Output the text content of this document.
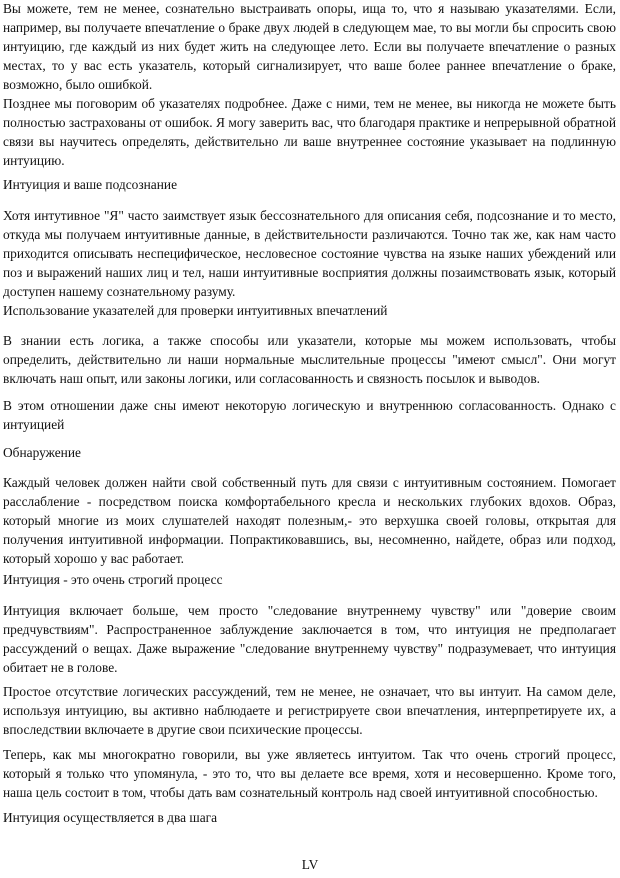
Вы можете, тем не менее, сознательно выстраивать опоры, ища то, что я называю указателями. Если, например, вы получаете впечатление о браке двух людей в следующем мае, то вы могли бы спросить свою интуицию, где каждый из них будет жить на следующее лето. Если вы получаете впечатление о разных местах, то у вас есть указатель, который сигнализирует, что ваше более раннее впечатление о браке, возможно, было ошибкой.

Позднее мы поговорим об указателях подробнее. Даже с ними, тем не менее, вы никогда не можете быть полностью застрахованы от ошибок. Я могу заверить вас, что благодаря практике и непрерывной обратной связи вы научитесь определять, действительно ли ваше внутреннее состояние указывает на подлинную интуицию.

Интуиция и ваше подсознание

Хотя интутивное "Я" часто заимствует язык бессознательного для описания себя, подсознание и то место, откуда мы получаем интуитивные данные, в действительности различаются. Точно так же, как нам часто приходится описывать неспецифическое, несловесное состояние чувства на языке наших убеждений или поз и выражений наших лиц и тел, наши интуитивные восприятия должны позаимствовать язык, который доступен нашему сознательному разуму.

Использование указателей для проверки интуитивных впечатлений

В знании есть логика, а также способы или указатели, которые мы можем использовать, чтобы определить, действительно ли наши нормальные мыслительные процессы "имеют смысл". Они могут включать наш опыт, или законы логики, или согласованность и связность посылок и выводов.

В этом отношении даже сны имеют некоторую логическую и внутреннюю согласованность. Однако с интуицией

Обнаружение

Каждый человек должен найти свой собственный путь для связи с интуитивным состоянием. Помогает расслабление - посредством поиска комфортабельного кресла и нескольких глубоких вдохов. Образ, который многие из моих слушателей находят полезным,- это верхушка своей головы, открытая для получения интуитивной информации. Попрактиковавшись, вы, несомненно, найдете, образ или подход, который хорошо у вас работает.

Интуиция - это очень строгий процесс

Интуиция включает больше, чем просто "следование внутреннему чувству" или "доверие своим предчувствиям". Распространенное заблуждение заключается в том, что интуиция не предполагает рассуждений о вещах. Даже выражение "следование внутреннему чувству" подразумевает, что интуиция обитает не в голове.

Простое отсутствие логических рассуждений, тем не менее, не означает, что вы интуит. На самом деле, используя интуицию, вы активно наблюдаете и регистрируете свои впечатления, интерпретируете их, а впоследствии включаете в другие свои психические процессы.

Теперь, как мы многократно говорили, вы уже являетесь интуитом. Так что очень строгий процесс, который я только что упомянула, - это то, что вы делаете все время, хотя и несовершенно. Кроме того, наша цель состоит в том, чтобы дать вам сознательный контроль над своей интуитивной способностью.

Интуиция осуществляется в два шага

LV
